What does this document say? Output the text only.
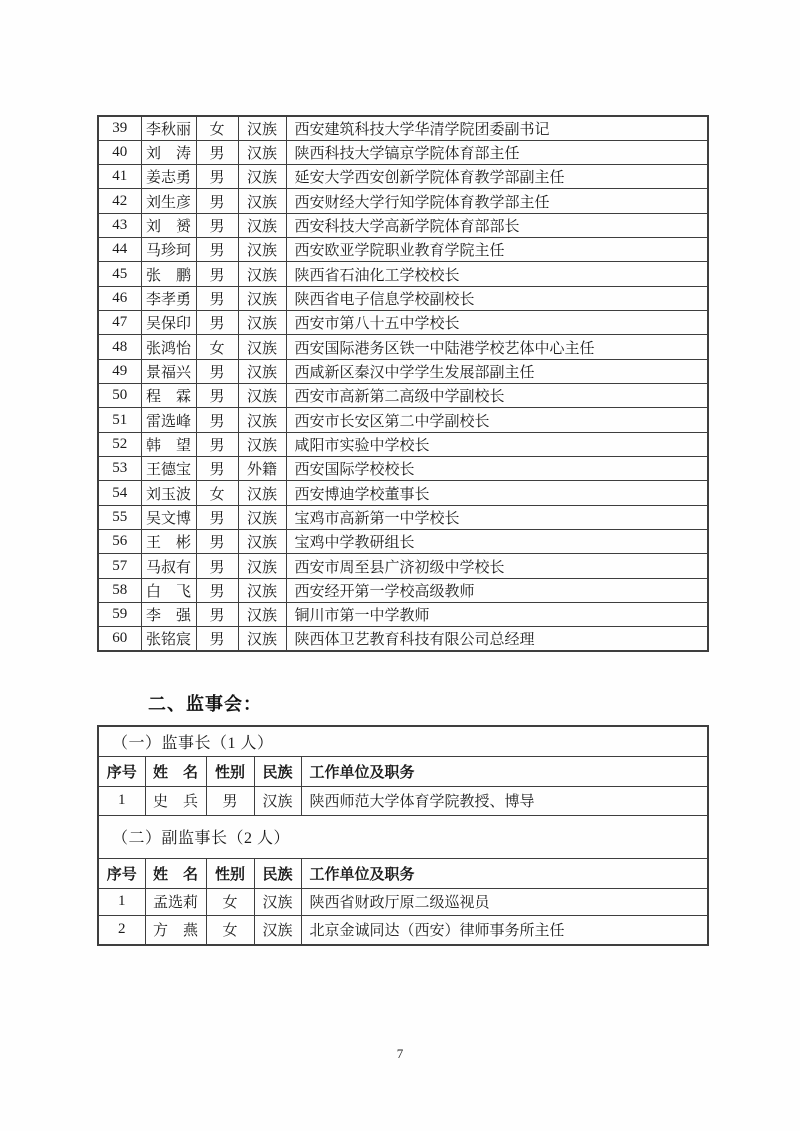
39	李秋丽	女	汉族	西安建筑科技大学华清学院团委副书记
40	刘　涛	男	汉族	陕西科技大学镐京学院体育部主任
41	姜志勇	男	汉族	延安大学西安创新学院体育教学部副主任
42	刘生彦	男	汉族	西安财经大学行知学院体育教学部主任
43	刘　赟	男	汉族	西安科技大学高新学院体育部部长
44	马珍珂	男	汉族	西安欧亚学院职业教育学院主任
45	张　鹏	男	汉族	陕西省石油化工学校校长
46	李孝勇	男	汉族	陕西省电子信息学校副校长
47	吴保印	男	汉族	西安市第八十五中学校长
48	张鸿怡	女	汉族	西安国际港务区铁一中陆港学校艺体中心主任
49	景福兴	男	汉族	西咸新区秦汉中学学生发展部副主任
50	程　霖	男	汉族	西安市高新第二高级中学副校长
51	雷选峰	男	汉族	西安市长安区第二中学副校长
52	韩　望	男	汉族	咸阳市实验中学校长
53	王德宝	男	外籍	西安国际学校校长
54	刘玉波	女	汉族	西安博迪学校董事长
55	吴文博	男	汉族	宝鸡市高新第一中学校长
56	王　彬	男	汉族	宝鸡中学教研组长
57	马叔有	男	汉族	西安市周至县广济初级中学校长
58	白　飞	男	汉族	西安经开第一学校高级教师
59	李　强	男	汉族	铜川市第一中学教师
60	张铭宸	男	汉族	陕西体卫艺教育科技有限公司总经理
二、监事会：
（一）监事长（1 人）				
序号	姓　名	性别	民族	工作单位及职务
1	史　兵	男	汉族	陕西师范大学体育学院教授、博导
（二）副监事长（2 人）				
序号	姓　名	性别	民族	工作单位及职务
1	孟选莉	女	汉族	陕西省财政厅原二级巡视员
2	方　燕	女	汉族	北京金诚同达（西安）律师事务所主任
7
